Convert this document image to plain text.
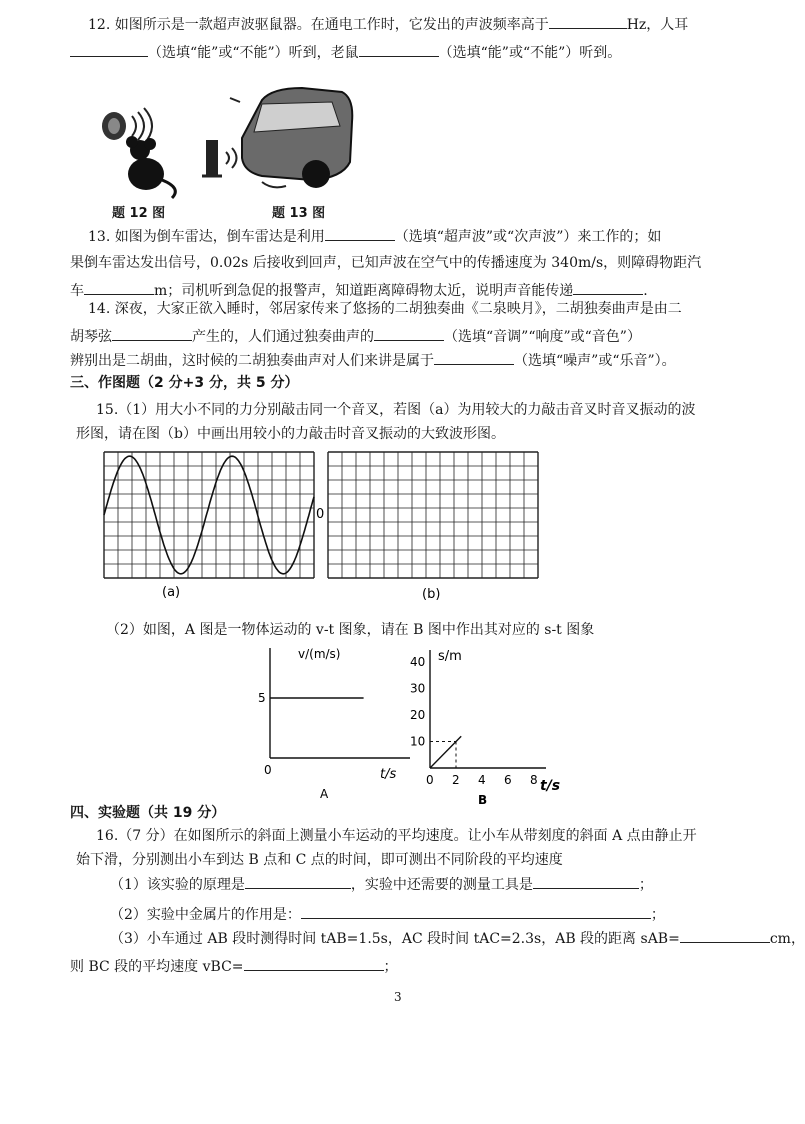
12. 如图所示是一款超声波驱鼠器。在通电工作时，它发出的声波频率高于	Hz，人耳
（选填“能”或“不能”）听到，老鼠	（选填“能”或“不能”）听到。
题 12 图	题 13 图
13. 如图为倒车雷达，倒车雷达是利用	（选填“超声波”或“次声波”）来工作的；如
果倒车雷达发出信号，0.02s 后接收到回声，已知声波在空气中的传播速度为 340m/s，则障碍物距汽
车	m；司机听到急促的报警声，知道距离障碍物太近，说明声音能传递	.
14. 深夜，大家正欲入睡时，邻居家传来了悠扬的二胡独奏曲《二泉映月》，二胡独奏曲声是由二
胡琴弦	产生的，人们通过独奏曲声的	（选填“音调”“响度”或“音色”）
辨别出是二胡曲，这时候的二胡独奏曲声对人们来讲是属于	（选填“噪声”或“乐音”）。
三、作图题（2 分+3 分，共 5 分）
15.（1）用大小不同的力分别敲击同一个音叉，若图（a）为用较大的力敲击音叉时音叉振动的波
形图，请在图（b）中画出用较小的力敲击时音叉振动的大致波形图。
0
(a)	(b)
（2）如图，A 图是一物体运动的 v-t 图象，请在 B 图中作出其对应的 s-t 图象
v/(m/s)
t/s
0
5
A
s/m
t/s
0 2 4 6 8
10
20
30
40
B
四、实验题（共 19 分）
16.（7 分）在如图所示的斜面上测量小车运动的平均速度。让小车从带刻度的斜面 A 点由静止开
始下滑，分别测出小车到达 B 点和 C 点的时间，即可测出不同阶段的平均速度
（1）该实验的原理是	，实验中还需要的测量工具是	；
（2）实验中金属片的作用是：	；
（3）小车通过 AB 段时测得时间 tAB=1.5s，AC 段时间 tAC=2.3s，AB 段的距离 sAB=	cm，
则 BC 段的平均速度 vBC=	；
3
